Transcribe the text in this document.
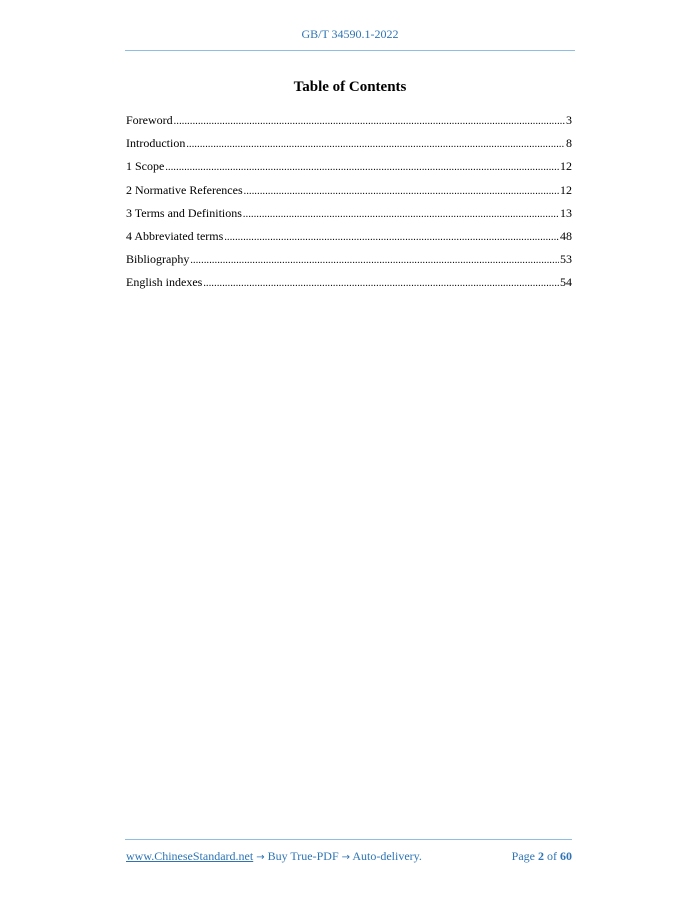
GB/T 34590.1-2022
Table of Contents
Foreword .....	3
Introduction .....	8
1 Scope .....	12
2 Normative References .....	12
3 Terms and Definitions .....	13
4 Abbreviated terms .....	48
Bibliography .....	53
English indexes .....	54
www.ChineseStandard.net → Buy True-PDF → Auto-delivery.	Page 2 of 60
